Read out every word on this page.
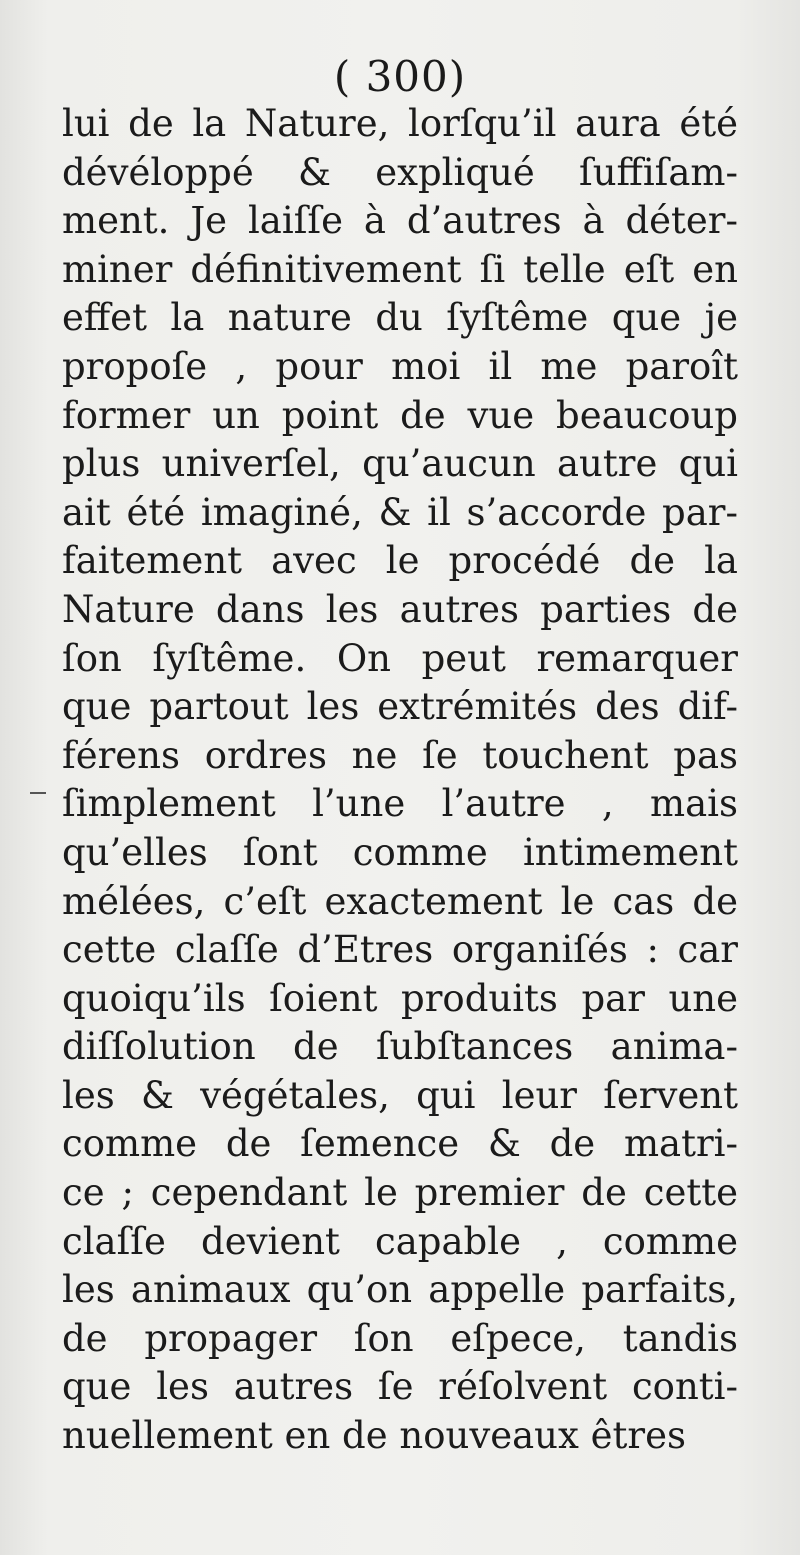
( 300)
lui de la Nature, lorſqu’il aura été
dévéloppé & expliqué ſuffiſam-
ment. Je laiſſe à d’autres à déter-
miner définitivement ſi telle eſt en
effet la nature du ſyſtême que je
propoſe , pour moi il me paroît
former un point de vue beaucoup
plus univerſel, qu’aucun autre qui
ait été imaginé, & il s’accorde par-
faitement avec le procédé de la
Nature dans les autres parties de
ſon ſyſtême. On peut remarquer
que partout les extrémités des dif-
férens ordres ne ſe touchent pas
ſimplement l’une l’autre , mais
qu’elles ſont comme intimement
mélées, c’eſt exactement le cas de
cette claſſe d’Etres organiſés : car
quoiqu’ils ſoient produits par une
diſſolution de ſubſtances anima-
les & végétales, qui leur ſervent
comme de ſemence & de matri-
ce ; cependant le premier de cette
claſſe devient capable , comme
les animaux qu’on appelle parfaits,
de propager ſon eſpece, tandis
que les autres ſe réſolvent conti-
nuellement en de nouveaux êtres
